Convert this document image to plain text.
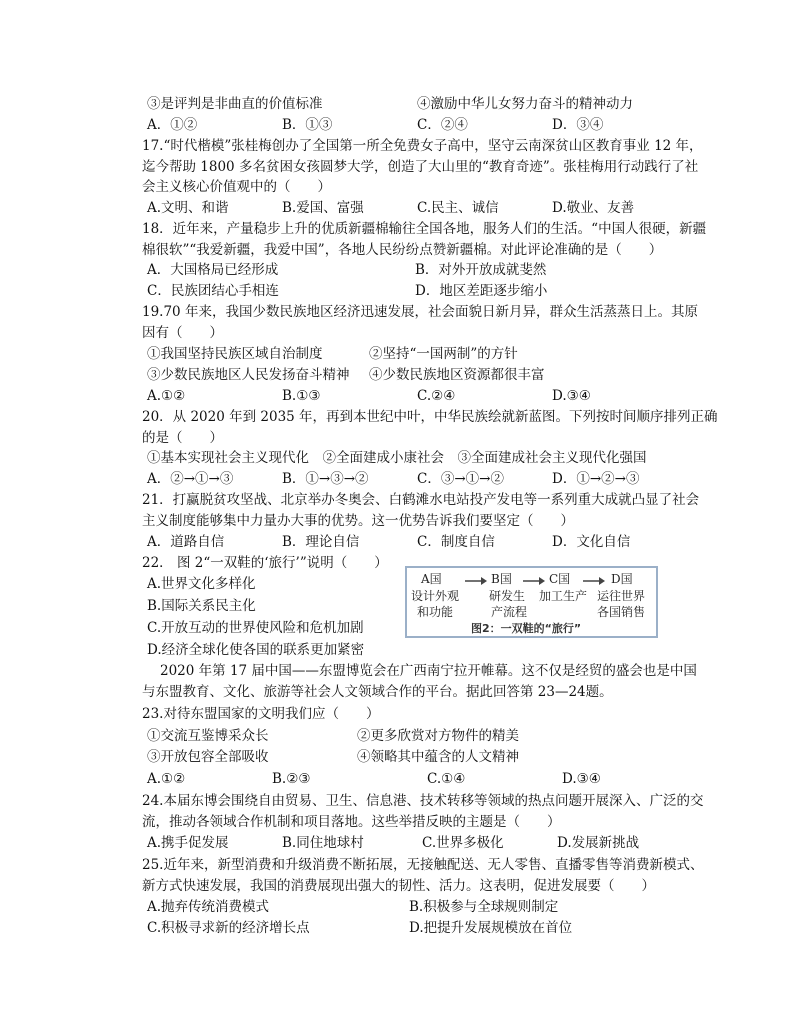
③是评判是非曲直的价值标准	④激励中华儿女努力奋斗的精神动力
A．①②	B．①③	C．②④	D．③④
17.“时代楷模”张桂梅创办了全国第一所全免费女子高中，坚守云南深贫山区教育事业 12 年，
迄今帮助 1800 多名贫困女孩圆梦大学，创造了大山里的“教育奇迹”。张桂梅用行动践行了社
会主义核心价值观中的（　　）
A.文明、和谐	B.爱国、富强	C.民主、诚信	D.敬业、友善
18．近年来，产量稳步上升的优质新疆棉输往全国各地，服务人们的生活。“中国人很硬，新疆
棉很软”“我爱新疆，我爱中国”，各地人民纷纷点赞新疆棉。对此评论准确的是（　　）
A．大国格局已经形成	B．对外开放成就斐然
C．民族团结心手相连	D．地区差距逐步缩小
19.70 年来，我国少数民族地区经济迅速发展，社会面貌日新月异，群众生活蒸蒸日上。其原
因有（　　）
①我国坚持民族区域自治制度	②坚持“一国两制”的方针
③少数民族地区人民发扬奋斗精神 ④少数民族地区资源都很丰富
A.①②	B.①③	C.②④	D.③④
20．从 2020 年到 2035 年，再到本世纪中叶，中华民族绘就新蓝图。下列按时间顺序排列正确
的是（　　）
①基本实现社会主义现代化　②全面建成小康社会　③全面建成社会主义现代化强国
A．②→①→③	B．①→③→②	C．③→①→②	D．①→②→③
21．打赢脱贫攻坚战、北京举办冬奥会、白鹤滩水电站投产发电等一系列重大成就凸显了社会
主义制度能够集中力量办大事的优势。这一优势告诉我们要坚定（　　）
A．道路自信	B．理论自信	C．制度自信	D．文化自信
22． 图 2“一双鞋的‘旅行’”说明（　　）
A.世界文化多样化
B.国际关系民主化
C.开放互动的世界使风险和危机加剧
D.经济全球化使各国的联系更加紧密
A国
设计外观
和功能
B国
研发生
产流程
C国
加工生产
D国
运往世界
各国销售
图2：一双鞋的“旅行”
2020 年第 17 届中国——东盟博览会在广西南宁拉开帷幕。这不仅是经贸的盛会也是中国
与东盟教育、文化、旅游等社会人文领域合作的平台。据此回答第 23—24题。
23.对待东盟国家的文明我们应（　　）
①交流互鉴博采众长	②更多欣赏对方物件的精美
③开放包容全部吸收	④领略其中蕴含的人文精神
A.①②	B.②③	C.①④	D.③④
24.本届东博会围绕自由贸易、卫生、信息港、技术转移等领域的热点问题开展深入、广泛的交
流，推动各领域合作机制和项目落地。这些举措反映的主题是（　　）
A.携手促发展	B.同住地球村	C.世界多极化	D.发展新挑战
25.近年来，新型消费和升级消费不断拓展，无接触配送、无人零售、直播零售等消费新模式、
新方式快速发展，我国的消费展现出强大的韧性、活力。这表明，促进发展要（　　）
A.抛弃传统消费模式	B.积极参与全球规则制定
C.积极寻求新的经济增长点	D.把提升发展规模放在首位
